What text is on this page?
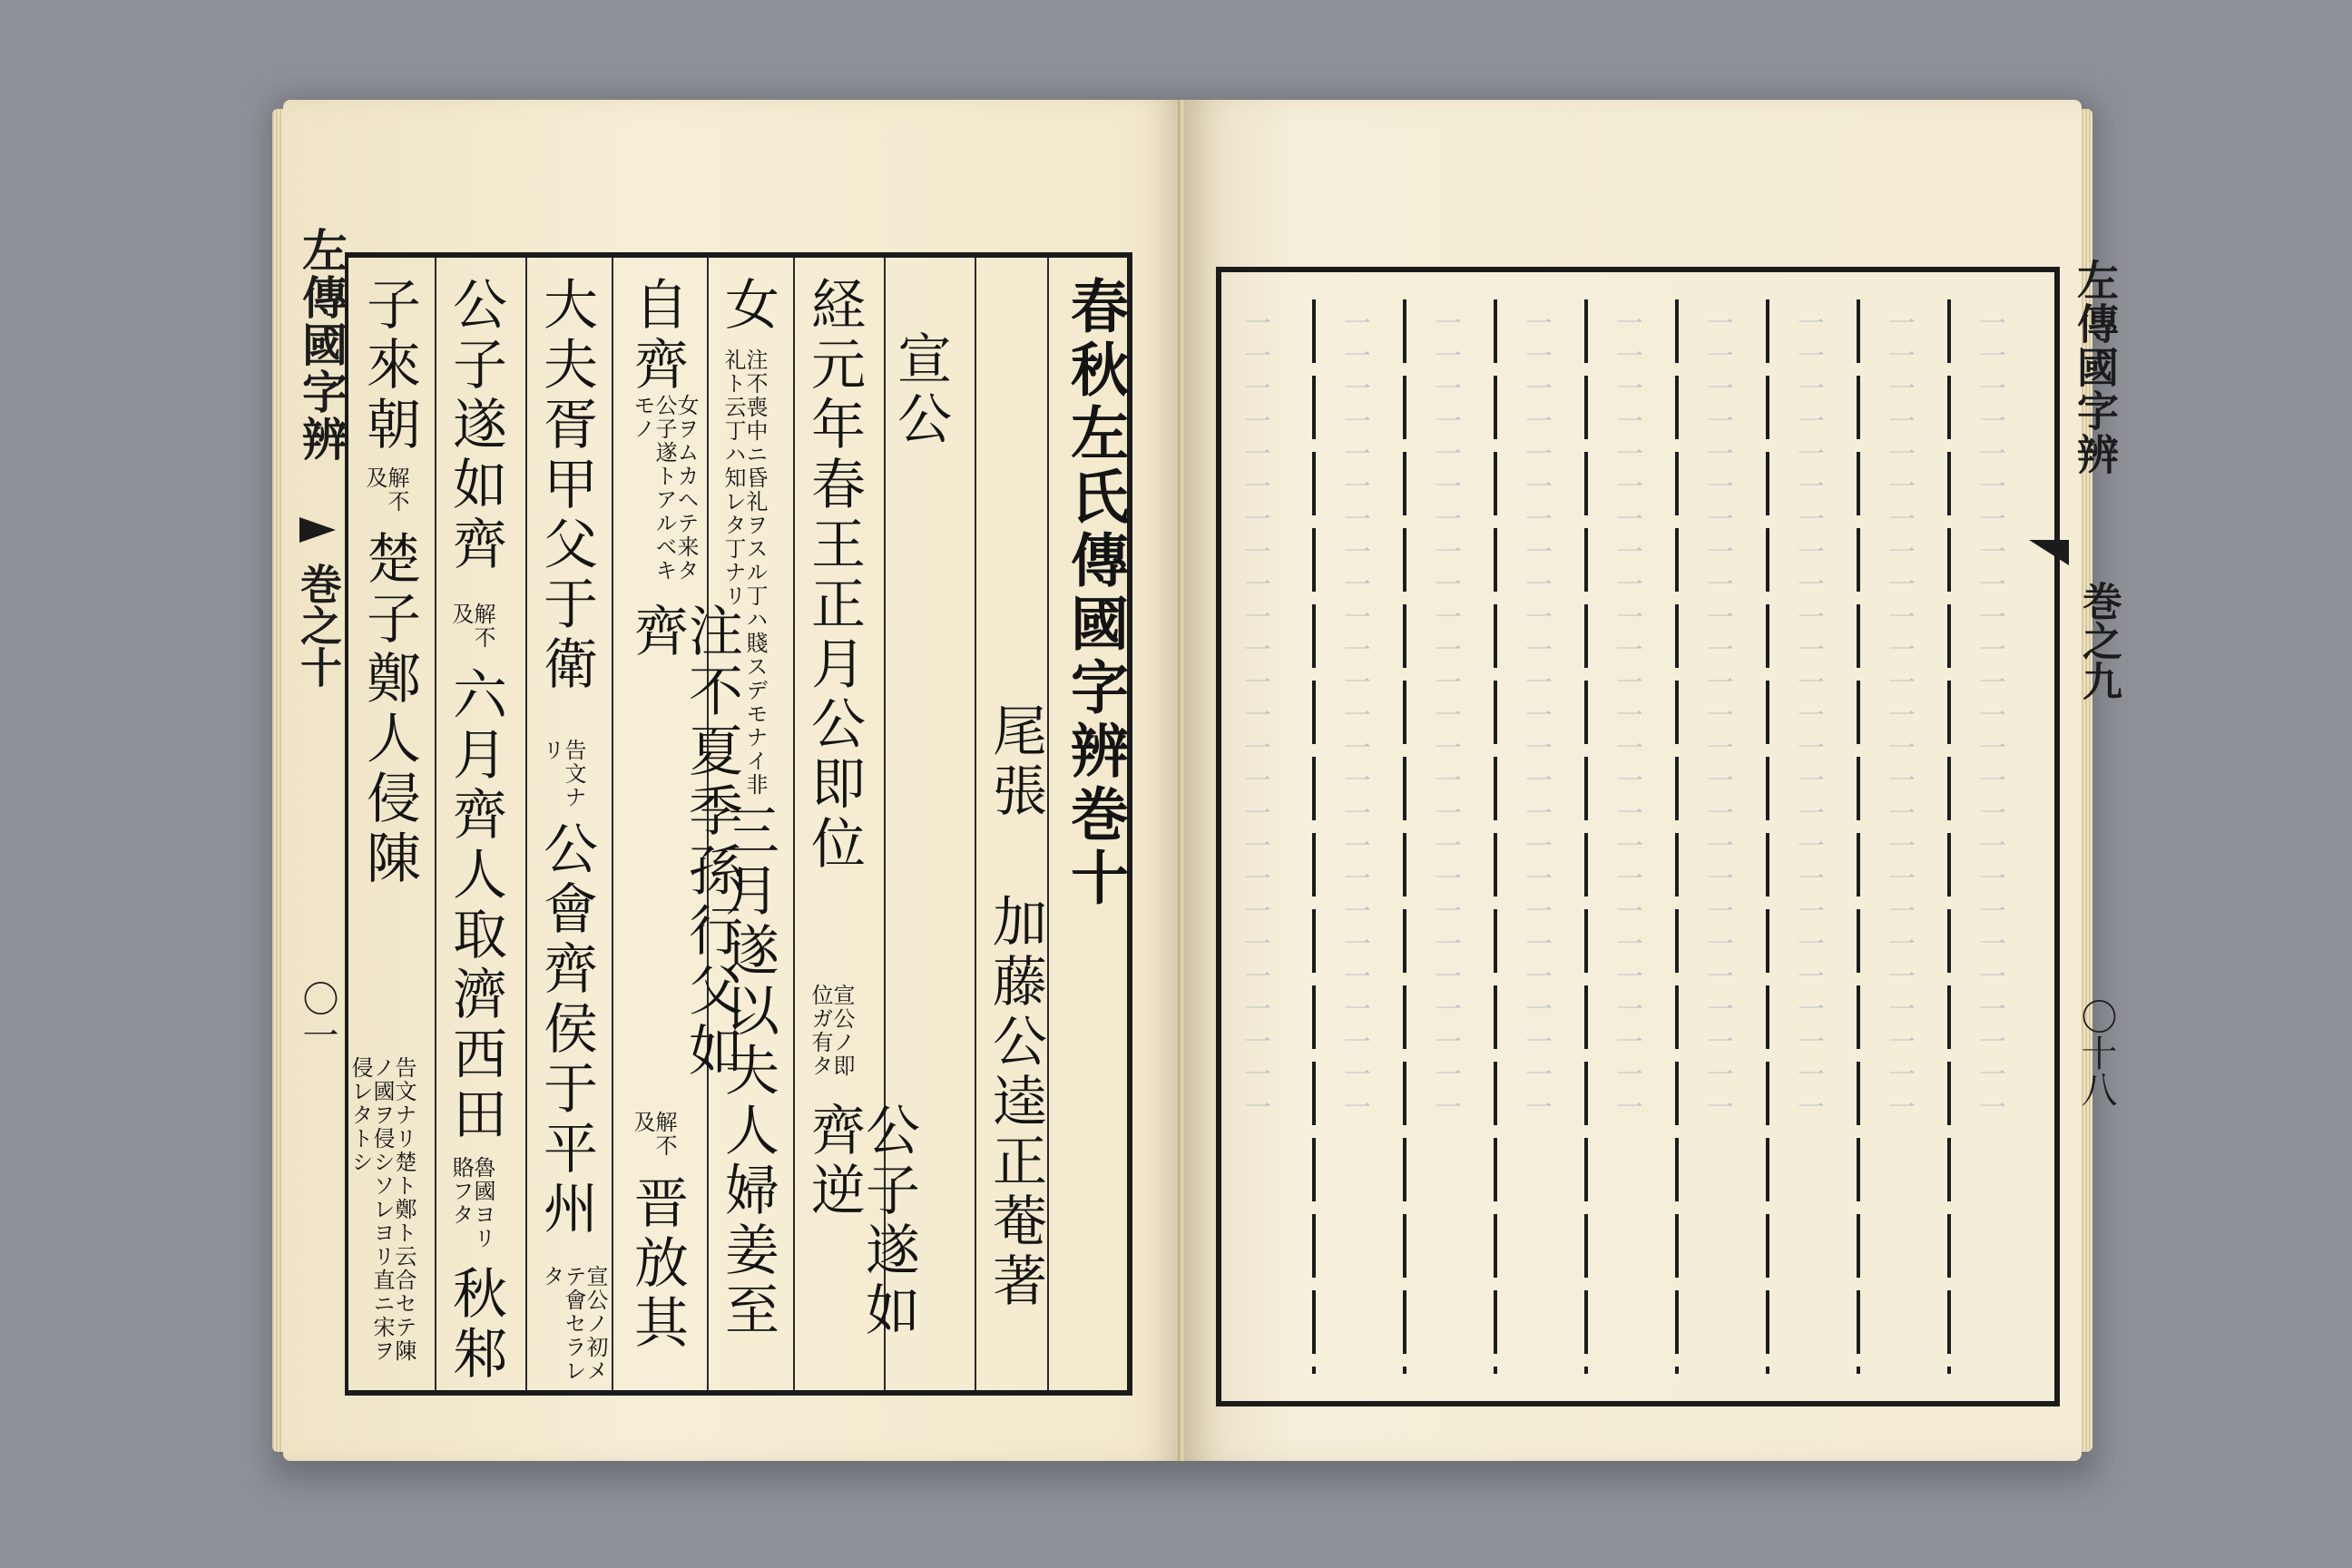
左傳國字辨
巻之十
〇一
春秋左氏傳國字辨巻十
尾張
加藤公逵正菴著
宣公
経元年春王正月公即位
宣公ノ即位ガ有タ
公子遂如齊逆
女
注不喪中ニ昏礼ヲスル丁ハ賤スデモナイ非礼ト云丁ハ知レタ丁ナリ
三月遂以夫人婦姜至
自齊
女ヲムカヘテ来タ公子遂トアルベキモノ
注不夏季孫行父如齊
解不及
晋放其
大夫胥甲父于衛
告文ナリ
公會齊侯于平州
宣公ノ初メテ會セラレタ
公子遂如齊
解不及
六月齊人取濟西田
魯國ヨリ賂フタ
秋邾
子來朝
解不及
楚子鄭人侵陳
告文ナリ楚ト鄭ト云合セテ陳ノ國ヲ侵シソレヨリ直ニ宋ヲ侵レタトシ	一一一一一一一一一一一一一一一一一一一一一一一一一	一一一一一一一一一一一一一一一一一一一一一一一一一 一一一一一一一一一一一一一一一一一一一一一一一一一 一一一一一一一一一一一一一一一一一一一一一一一一一 一一一一一一一一一一一一一一一一一一一一一一一一一 一一一一一一一一一一一一一一一一一一一一一一一一一 一一一一一一一一一一一一一一一一一一一一一一一一一 一一一一一一一一一一一一一一一一一一一一一一一一一 一一一一一一一一一一一一一一一一一一一一一一一一一 左傳國字辨
巻之九
〇十八
